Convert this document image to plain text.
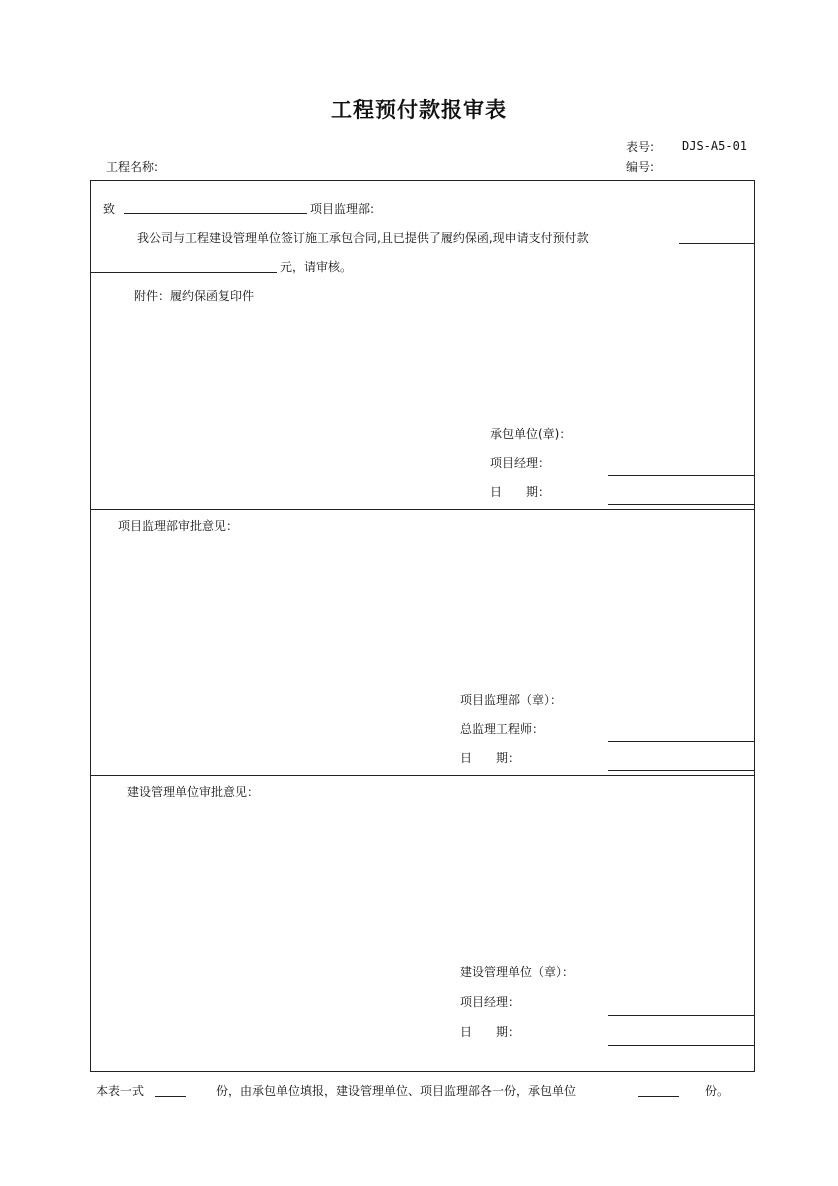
工程预付款报审表
表号: DJS-A5-01
编号:
工程名称:
致	项目监理部:
我公司与工程建设管理单位签订施工承包合同,且已提供了履约保函,现申请支付预付款
元，请审核。
附件：履约保函复印件
承包单位(章)：
项目经理：
日　　期：
项目监理部审批意见：
项目监理部（章）：
总监理工程师：
日　　期：
建设管理单位审批意见：
建设管理单位（章）：
项目经理：
日　　期：
本表一式	份，由承包单位填报，建设管理单位、项目监理部各一份，承包单位	份。
